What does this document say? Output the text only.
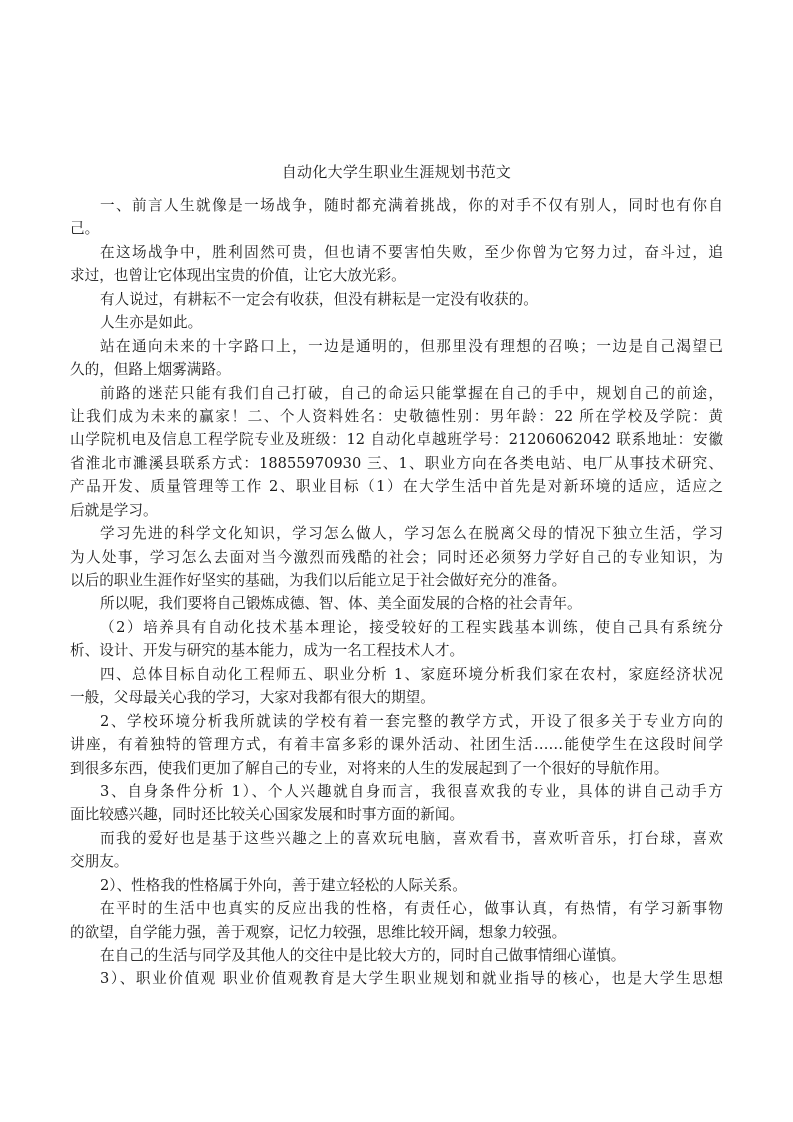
自动化大学生职业生涯规划书范文
一、前言人生就像是一场战争，随时都充满着挑战，你的对手不仅有别人，同时也有你自
己。
在这场战争中，胜利固然可贵，但也请不要害怕失败，至少你曾为它努力过，奋斗过，追
求过，也曾让它体现出宝贵的价值，让它大放光彩。
有人说过，有耕耘不一定会有收获，但没有耕耘是一定没有收获的。
人生亦是如此。
站在通向未来的十字路口上，一边是通明的，但那里没有理想的召唤；一边是自己渴望已
久的，但路上烟雾满路。
前路的迷茫只能有我们自己打破，自己的命运只能掌握在自己的手中，规划自己的前途，
让我们成为未来的赢家！二、个人资料姓名：史敬德性别：男年龄：22 所在学校及学院：黄
山学院机电及信息工程学院专业及班级：12 自动化卓越班学号：21206062042 联系地址：安徽
省淮北市濉溪县联系方式：18855970930 三、1、职业方向在各类电站、电厂从事技术研究、
产品开发、质量管理等工作 2、职业目标（1）在大学生活中首先是对新环境的适应，适应之
后就是学习。
学习先进的科学文化知识，学习怎么做人，学习怎么在脱离父母的情况下独立生活，学习
为人处事，学习怎么去面对当今激烈而残酷的社会；同时还必须努力学好自己的专业知识，为
以后的职业生涯作好坚实的基础，为我们以后能立足于社会做好充分的准备。
所以呢，我们要将自己锻炼成德、智、体、美全面发展的合格的社会青年。
（2）培养具有自动化技术基本理论，接受较好的工程实践基本训练，使自己具有系统分
析、设计、开发与研究的基本能力，成为一名工程技术人才。
四、总体目标自动化工程师五、职业分析 1、家庭环境分析我们家在农村，家庭经济状况
一般，父母最关心我的学习，大家对我都有很大的期望。
2、学校环境分析我所就读的学校有着一套完整的教学方式，开设了很多关于专业方向的
讲座，有着独特的管理方式，有着丰富多彩的课外活动、社团生活……能使学生在这段时间学
到很多东西，使我们更加了解自己的专业，对将来的人生的发展起到了一个很好的导航作用。
3、自身条件分析 1）、个人兴趣就自身而言，我很喜欢我的专业，具体的讲自己动手方
面比较感兴趣，同时还比较关心国家发展和时事方面的新闻。
而我的爱好也是基于这些兴趣之上的喜欢玩电脑，喜欢看书，喜欢听音乐，打台球，喜欢
交朋友。
2）、性格我的性格属于外向，善于建立轻松的人际关系。
在平时的生活中也真实的反应出我的性格，有责任心，做事认真，有热情，有学习新事物
的欲望，自学能力强，善于观察，记忆力较强，思维比较开阔，想象力较强。
在自己的生活与同学及其他人的交往中是比较大方的，同时自己做事情细心谨慎。
3）、职业价值观 职业价值观教育是大学生职业规划和就业指导的核心，也是大学生思想
